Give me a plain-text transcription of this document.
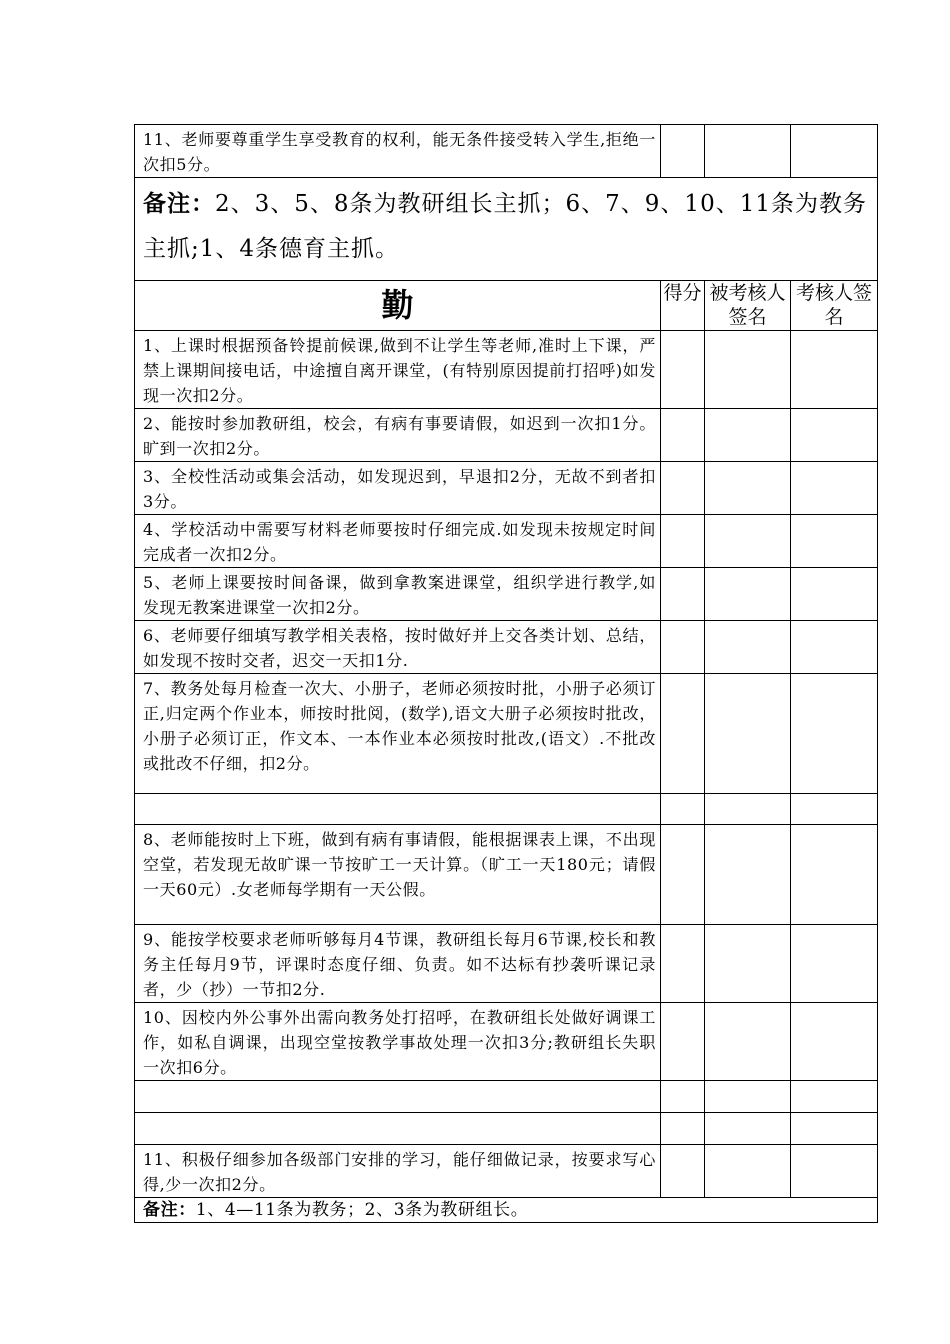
11、老师要尊重学生享受教育的权利，能无条件接受转入学生,拒绝一次扣5分。			

备注：2、3、5、8条为教研组长主抓；6、7、9、10、11条为教务主抓;1、4条德育主抓。			

勤	得分	被考核人签名	考核人签名

1、上课时根据预备铃提前候课,做到不让学生等老师,准时上下课，严禁上课期间接电话，中途擅自离开课堂，(有特别原因提前打招呼)如发现一次扣2分。			

2、能按时参加教研组，校会，有病有事要请假，如迟到一次扣1分。旷到一次扣2分。			

3、全校性活动或集会活动，如发现迟到，早退扣2分，无故不到者扣3分。			

4、学校活动中需要写材料老师要按时仔细完成.如发现未按规定时间完成者一次扣2分。			

5、老师上课要按时间备课，做到拿教案进课堂，组织学进行教学,如发现无教案进课堂一次扣2分。			

6、老师要仔细填写教学相关表格，按时做好并上交各类计划、总结，如发现不按时交者，迟交一天扣1分.			

7、教务处每月检查一次大、小册子，老师必须按时批，小册子必须订正,归定两个作业本，师按时批阅，(数学),语文大册子必须按时批改，小册子必须订正，作文本、一本作业本必须按时批改,(语文）.不批改或批改不仔细，扣2分。			

8、老师能按时上下班，做到有病有事请假，能根据课表上课，不出现空堂，若发现无故旷课一节按旷工一天计算。（旷工一天180元；请假一天60元）.女老师每学期有一天公假。			

9、能按学校要求老师听够每月4节课，教研组长每月6节课,校长和教务主任每月9节，评课时态度仔细、负责。如不达标有抄袭听课记录者，少（抄）一节扣2分.			

10、因校内外公事外出需向教务处打招呼，在教研组长处做好调课工作，如私自调课，出现空堂按教学事故处理一次扣3分;教研组长失职一次扣6分。			

11、积极仔细参加各级部门安排的学习，能仔细做记录，按要求写心得,少一次扣2分。			

备注：1、4—11条为教务；2、3条为教研组长。			
